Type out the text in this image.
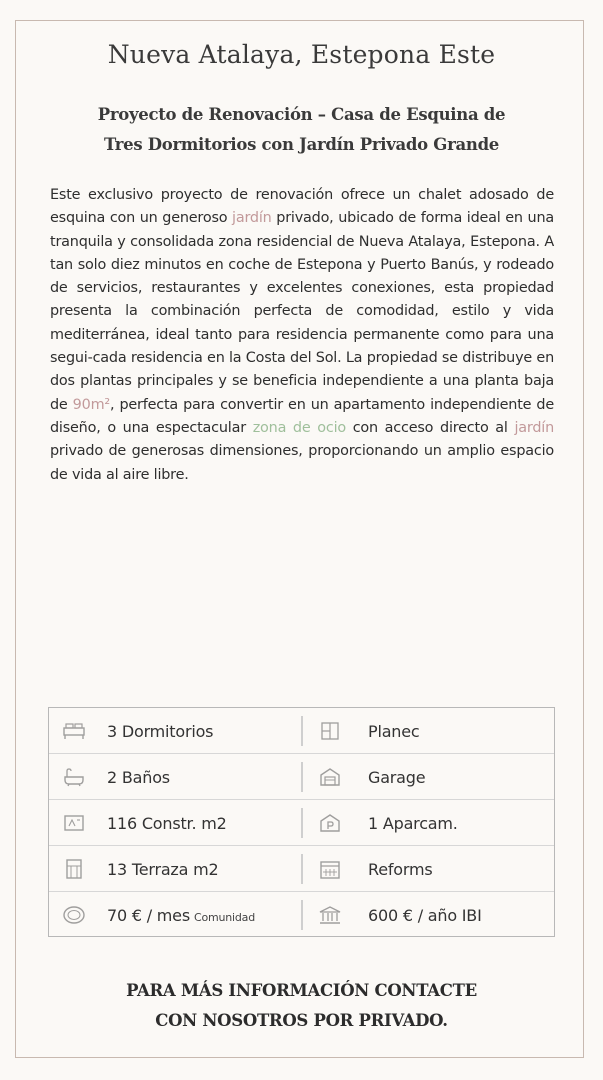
Nueva Atalaya, Estepona Este
Proyecto de Renovación – Casa de Esquina de
Tres Dormitorios con Jardín Privado Grande

Este exclusivo proyecto de renovación ofrece un chalet adosado de esquina con un generoso jardín privado, ubicado de forma ideal en una tranquila y consolidada zona residencial de Nueva Atalaya, Estepona. A tan solo diez minutos en coche de Estepona y Puerto Banús, y rodeado de servicios, restaurantes y excelentes conexiones, esta propiedad presenta la combinación perfecta de comodidad, estilo y vida mediterránea, ideal tanto para residencia permanente como para una segui-cada residencia en la Costa del Sol. La propiedad se distribuye en dos plantas principales y se beneficia independiente a una planta baja de 90m², perfecta para convertir en un apartamento independiente de diseño, o una espectacular zona de ocio con acceso directo al jardín privado de generosas dimensiones, proporcionando un amplio espacio de vida al aire libre.

3 Dormitorios	Planec
2 Baños	Garage
116 Constr. m2	1 Aparcam.
13 Terraza m2	Reforms
70 € / mes Comunidad	600 € / año IBI
PARA MÁS INFORMACIÓN CONTACTE
CON NOSOTROS POR PRIVADO.
